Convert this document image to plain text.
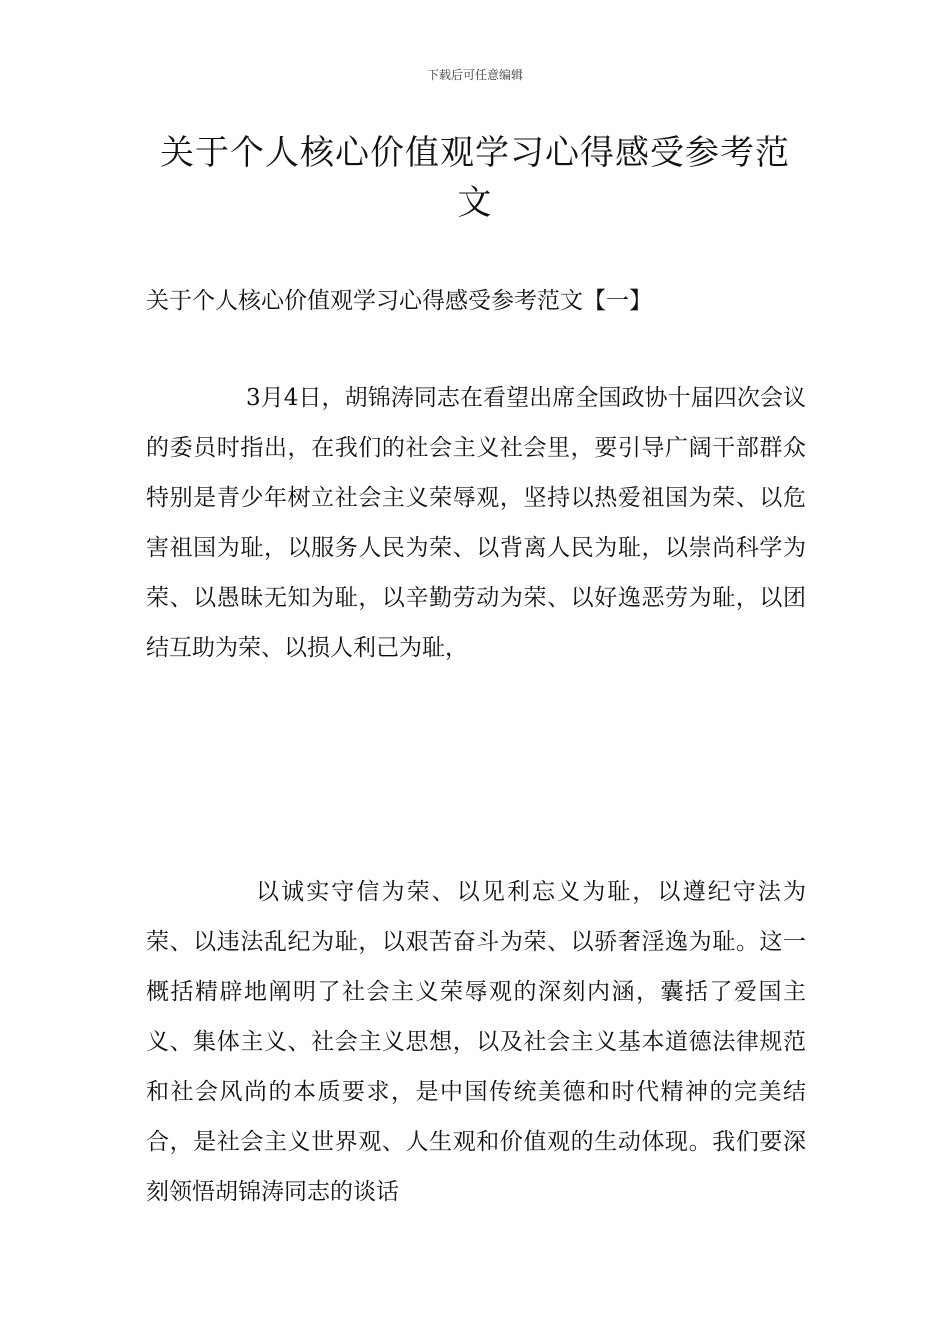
下载后可任意编辑
关于个人核心价值观学习心得感受参考范文
关于个人核心价值观学习心得感受参考范文【一】

3月4日，胡锦涛同志在看望出席全国政协十届四次会议的委员时指出，在我们的社会主义社会里，要引导广阔干部群众特别是青少年树立社会主义荣辱观，坚持以热爱祖国为荣、以危害祖国为耻，以服务人民为荣、以背离人民为耻，以崇尚科学为荣、以愚昧无知为耻，以辛勤劳动为荣、以好逸恶劳为耻，以团结互助为荣、以损人利己为耻，

以诚实守信为荣、以见利忘义为耻，以遵纪守法为荣、以违法乱纪为耻，以艰苦奋斗为荣、以骄奢淫逸为耻。这一概括精辟地阐明了社会主义荣辱观的深刻内涵，囊括了爱国主义、集体主义、社会主义思想，以及社会主义基本道德法律规范和社会风尚的本质要求，是中国传统美德和时代精神的完美结合，是社会主义世界观、人生观和价值观的生动体现。我们要深刻领悟胡锦涛同志的谈话
